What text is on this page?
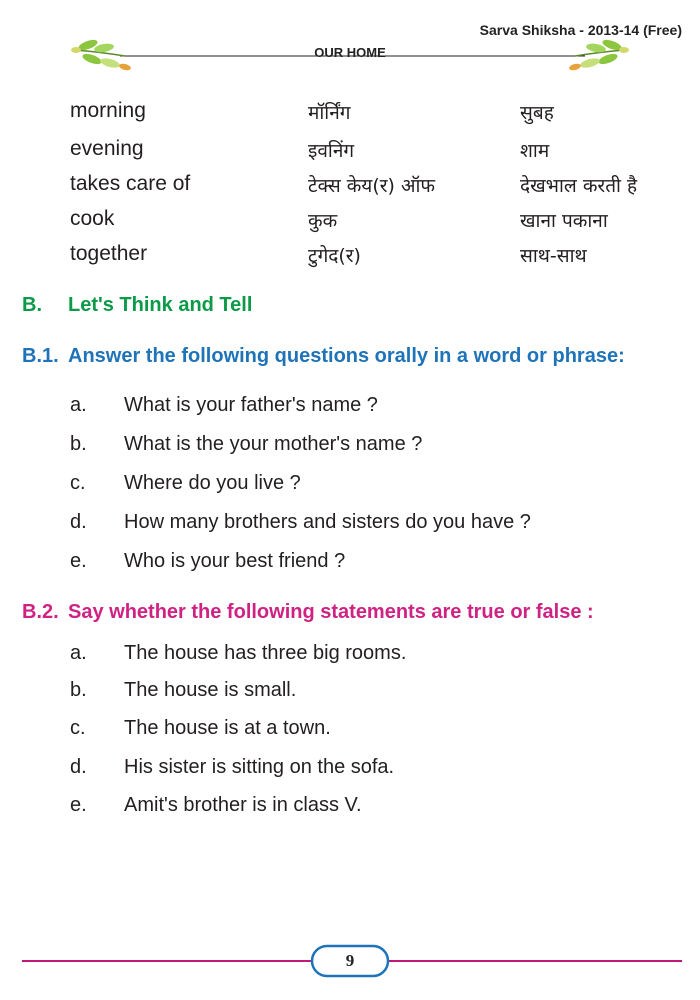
Sarva Shiksha - 2013-14 (Free)
OUR HOME
morning	मॉर्निंग	सुबह
evening	इवनिंग	शाम
takes care of	टेक्स केय(र) ऑफ	देखभाल करती है
cook	कुक	खाना पकाना
together	टुगेद(र)	साथ-साथ
B. Let's Think and Tell
B.1. Answer the following questions orally in a word or phrase:
a. What is your father's name ?
b. What is the your mother's name ?
c. Where do you live ?
d. How many brothers and sisters do you have ?
e. Who is your best friend ?
B.2. Say whether the following statements are true or false :
a. The house has three big rooms.
b. The house is small.
c. The house is at a town.
d. His sister is sitting on the sofa.
e. Amit's brother is in class V.
9
